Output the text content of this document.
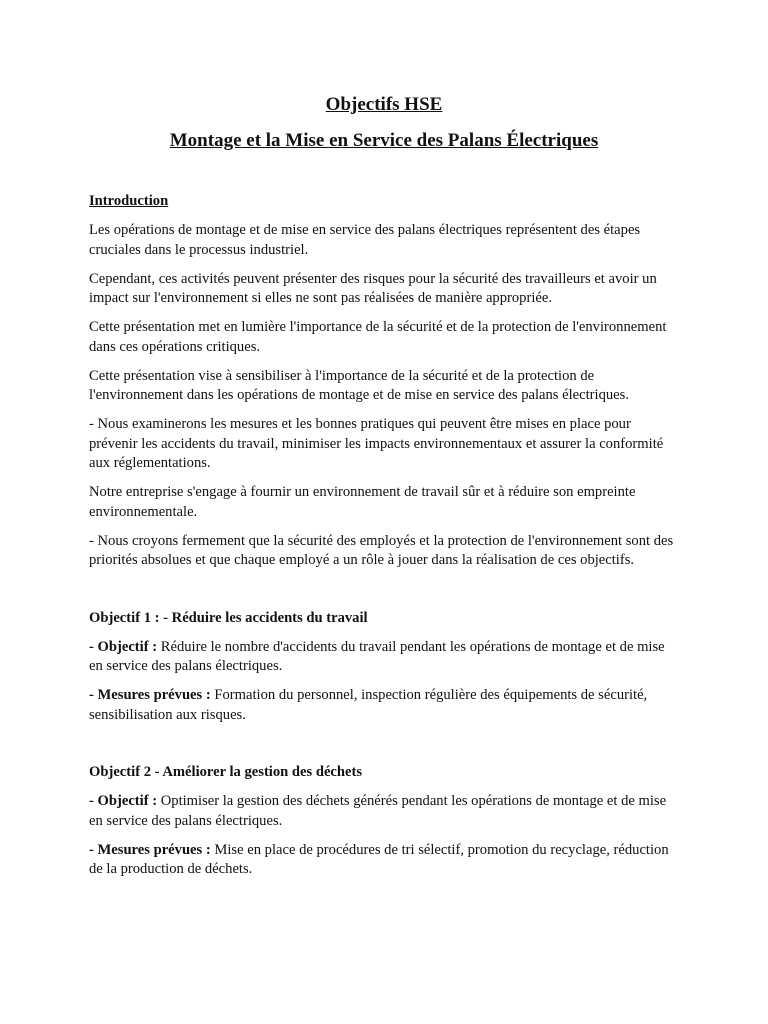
Objectifs HSE
Montage et la Mise en Service des Palans Électriques
Introduction

Les opérations de montage et de mise en service des palans électriques représentent des étapes cruciales dans le processus industriel.

Cependant, ces activités peuvent présenter des risques pour la sécurité des travailleurs et avoir un impact sur l'environnement si elles ne sont pas réalisées de manière appropriée.

Cette présentation met en lumière l'importance de la sécurité et de la protection de l'environnement dans ces opérations critiques.

Cette présentation vise à sensibiliser à l'importance de la sécurité et de la protection de l'environnement dans les opérations de montage et de mise en service des palans électriques.

- Nous examinerons les mesures et les bonnes pratiques qui peuvent être mises en place pour prévenir les accidents du travail, minimiser les impacts environnementaux et assurer la conformité aux réglementations.

Notre entreprise s'engage à fournir un environnement de travail sûr et à réduire son empreinte environnementale.

- Nous croyons fermement que la sécurité des employés et la protection de l'environnement sont des priorités absolues et que chaque employé a un rôle à jouer dans la réalisation de ces objectifs.

Objectif 1 : - Réduire les accidents du travail

- Objectif : Réduire le nombre d'accidents du travail pendant les opérations de montage et de mise en service des palans électriques.

- Mesures prévues : Formation du personnel, inspection régulière des équipements de sécurité, sensibilisation aux risques.

Objectif 2 - Améliorer la gestion des déchets

- Objectif : Optimiser la gestion des déchets générés pendant les opérations de montage et de mise en service des palans électriques.

- Mesures prévues : Mise en place de procédures de tri sélectif, promotion du recyclage, réduction de la production de déchets.
